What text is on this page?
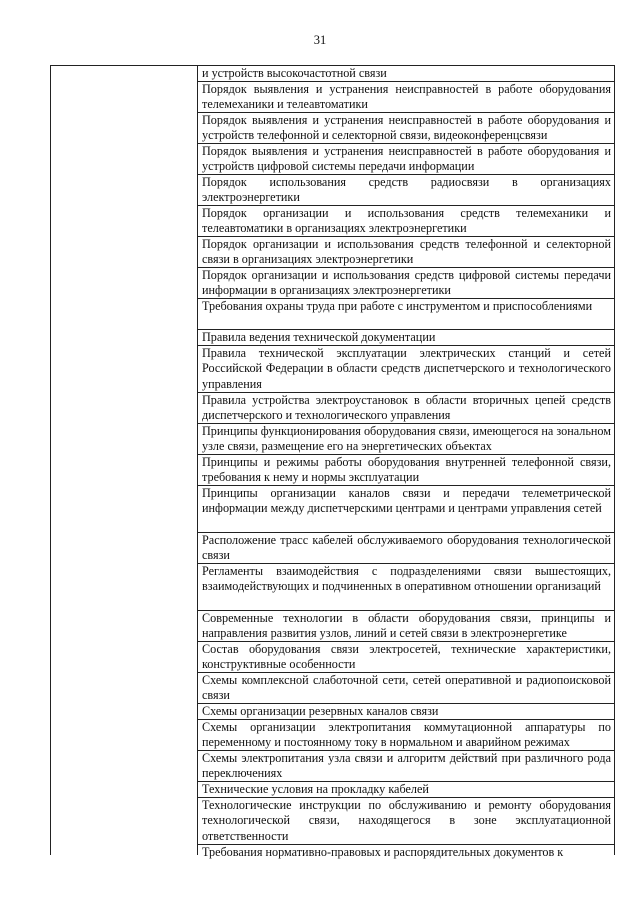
31
и устройств высокочастотной связи
Порядок выявления и устранения неисправностей в работе оборудования телемеханики и телеавтоматики
Порядок выявления и устранения неисправностей в работе оборудования и устройств телефонной и селекторной связи, видеоконференцсвязи
Порядок выявления и устранения неисправностей в работе оборудования и устройств цифровой системы передачи информации
Порядок использования средств радиосвязи в организациях электроэнергетики
Порядок организации и использования средств телемеханики и телеавтоматики в организациях электроэнергетики
Порядок организации и использования средств телефонной и селекторной связи в организациях электроэнергетики
Порядок организации и использования средств цифровой системы передачи информации в организациях электроэнергетики
Требования охраны труда при работе с инструментом и приспособлениями
Правила ведения технической документации
Правила технической эксплуатации электрических станций и сетей Российской Федерации в области средств диспетчерского и технологического управления
Правила устройства электроустановок в области вторичных цепей средств диспетчерского и технологического управления
Принципы функционирования оборудования связи, имеющегося на зональном узле связи, размещение его на энергетических объектах
Принципы и режимы работы оборудования внутренней телефонной связи, требования к нему и нормы эксплуатации
Принципы организации каналов связи и передачи телеметрической информации между диспетчерскими центрами и центрами управления сетей
Расположение трасс кабелей обслуживаемого оборудования технологической связи
Регламенты взаимодействия с подразделениями связи вышестоящих, взаимодействующих и подчиненных в оперативном отношении организаций
Современные технологии в области оборудования связи, принципы и направления развития узлов, линий и сетей связи в электроэнергетике
Состав оборудования связи электросетей, технические характеристики, конструктивные особенности
Схемы комплексной слаботочной сети, сетей оперативной и радиопоисковой связи
Схемы организации резервных каналов связи
Схемы организации электропитания коммутационной аппаратуры по переменному и постоянному току в нормальном и аварийном режимах
Схемы электропитания узла связи и алгоритм действий при различного рода переключениях
Технические условия на прокладку кабелей
Технологические инструкции по обслуживанию и ремонту оборудования технологической связи, находящегося в зоне эксплуатационной ответственности
Требования нормативно-правовых и распорядительных документов к
